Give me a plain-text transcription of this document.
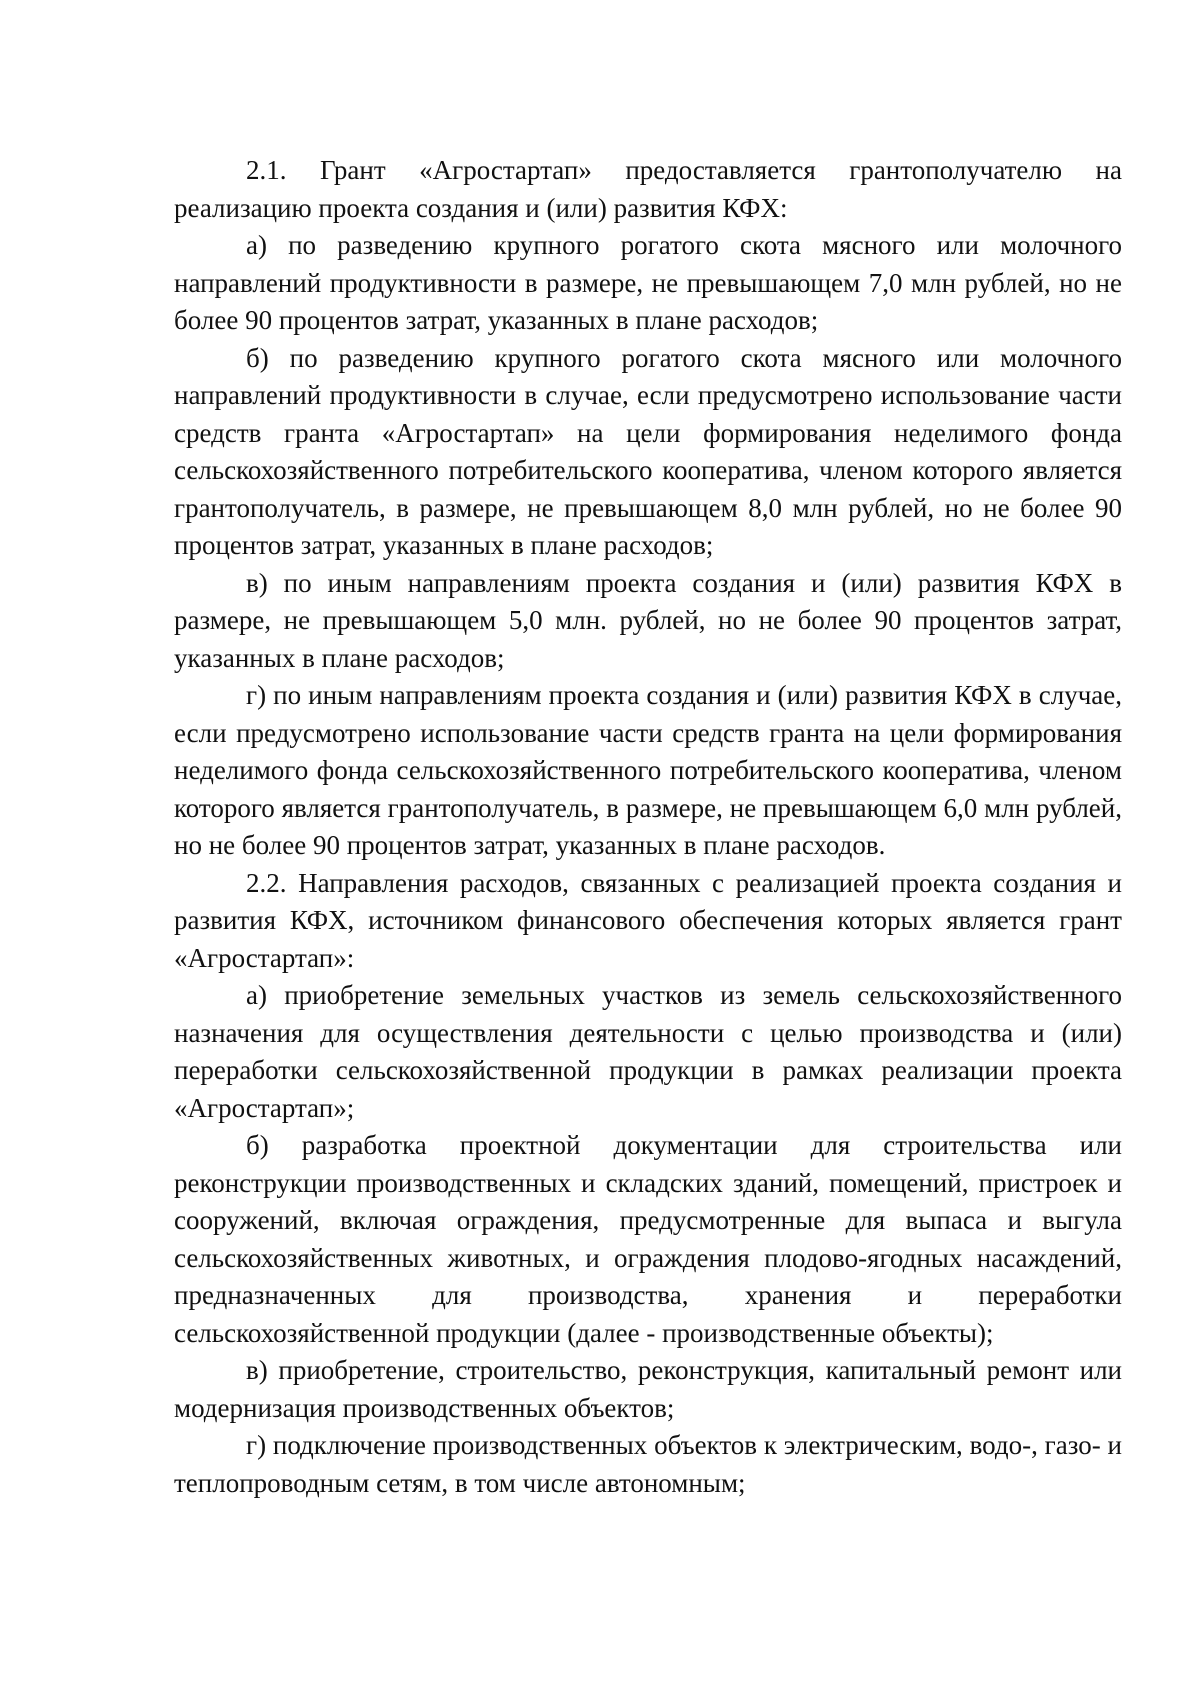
2.1. Грант «Агростартап» предоставляется грантополучателю на реализацию проекта создания и (или) развития КФХ:

а) по разведению крупного рогатого скота мясного или молочного направлений продуктивности в размере, не превышающем 7,0 млн рублей, но не более 90 процентов затрат, указанных в плане расходов;

б) по разведению крупного рогатого скота мясного или молочного направлений продуктивности в случае, если предусмотрено использование части средств гранта «Агростартап» на цели формирования неделимого фонда сельскохозяйственного потребительского кооператива, членом которого является грантополучатель, в размере, не превышающем 8,0 млн рублей, но не более 90 процентов затрат, указанных в плане расходов;

в) по иным направлениям проекта создания и (или) развития КФХ в размере, не превышающем 5,0 млн. рублей, но не более 90 процентов затрат, указанных в плане расходов;

г) по иным направлениям проекта создания и (или) развития КФХ в случае, если предусмотрено использование части средств гранта на цели формирования неделимого фонда сельскохозяйственного потребительского кооператива, членом которого является грантополучатель, в размере, не превышающем 6,0 млн рублей, но не более 90 процентов затрат, указанных в плане расходов.

2.2. Направления расходов, связанных с реализацией проекта создания и развития КФХ, источником финансового обеспечения которых является грант «Агростартап»:

а) приобретение земельных участков из земель сельскохозяйственного назначения для осуществления деятельности с целью производства и (или) переработки сельскохозяйственной продукции в рамках реализации проекта «Агростартап»;

б) разработка проектной документации для строительства или реконструкции производственных и складских зданий, помещений, пристроек и сооружений, включая ограждения, предусмотренные для выпаса и выгула сельскохозяйственных животных, и ограждения плодово-ягодных насаждений, предназначенных для производства, хранения и переработки сельскохозяйственной продукции (далее - производственные объекты);

в) приобретение, строительство, реконструкция, капитальный ремонт или модернизация производственных объектов;

г) подключение производственных объектов к электрическим, водо-, газо- и теплопроводным сетям, в том числе автономным;
